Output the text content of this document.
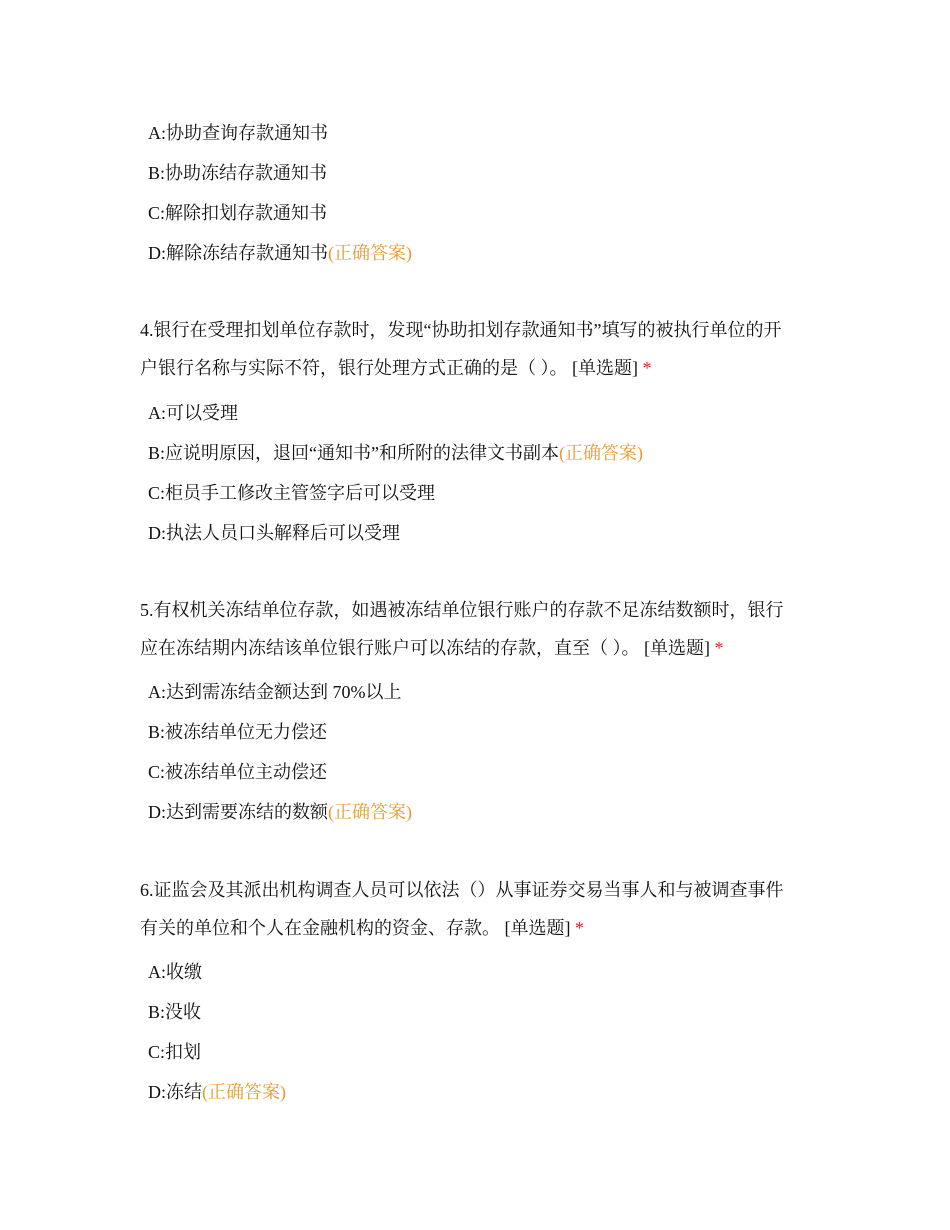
A:协助查询存款通知书
B:协助冻结存款通知书
C:解除扣划存款通知书
D:解除冻结存款通知书(正确答案)
4.银行在受理扣划单位存款时，发现“协助扣划存款通知书”填写的被执行单位的开
户银行名称与实际不符，银行处理方式正确的是（ ）。 [单选题] *
A:可以受理
B:应说明原因，退回“通知书”和所附的法律文书副本(正确答案)
C:柜员手工修改主管签字后可以受理
D:执法人员口头解释后可以受理
5.有权机关冻结单位存款，如遇被冻结单位银行账户的存款不足冻结数额时，银行
应在冻结期内冻结该单位银行账户可以冻结的存款，直至（ ）。 [单选题] *
A:达到需冻结金额达到 70%以上
B:被冻结单位无力偿还
C:被冻结单位主动偿还
D:达到需要冻结的数额(正确答案)
6.证监会及其派出机构调查人员可以依法（）从事证券交易当事人和与被调查事件
有关的单位和个人在金融机构的资金、存款。 [单选题] *
A:收缴
B:没收
C:扣划
D:冻结(正确答案)
